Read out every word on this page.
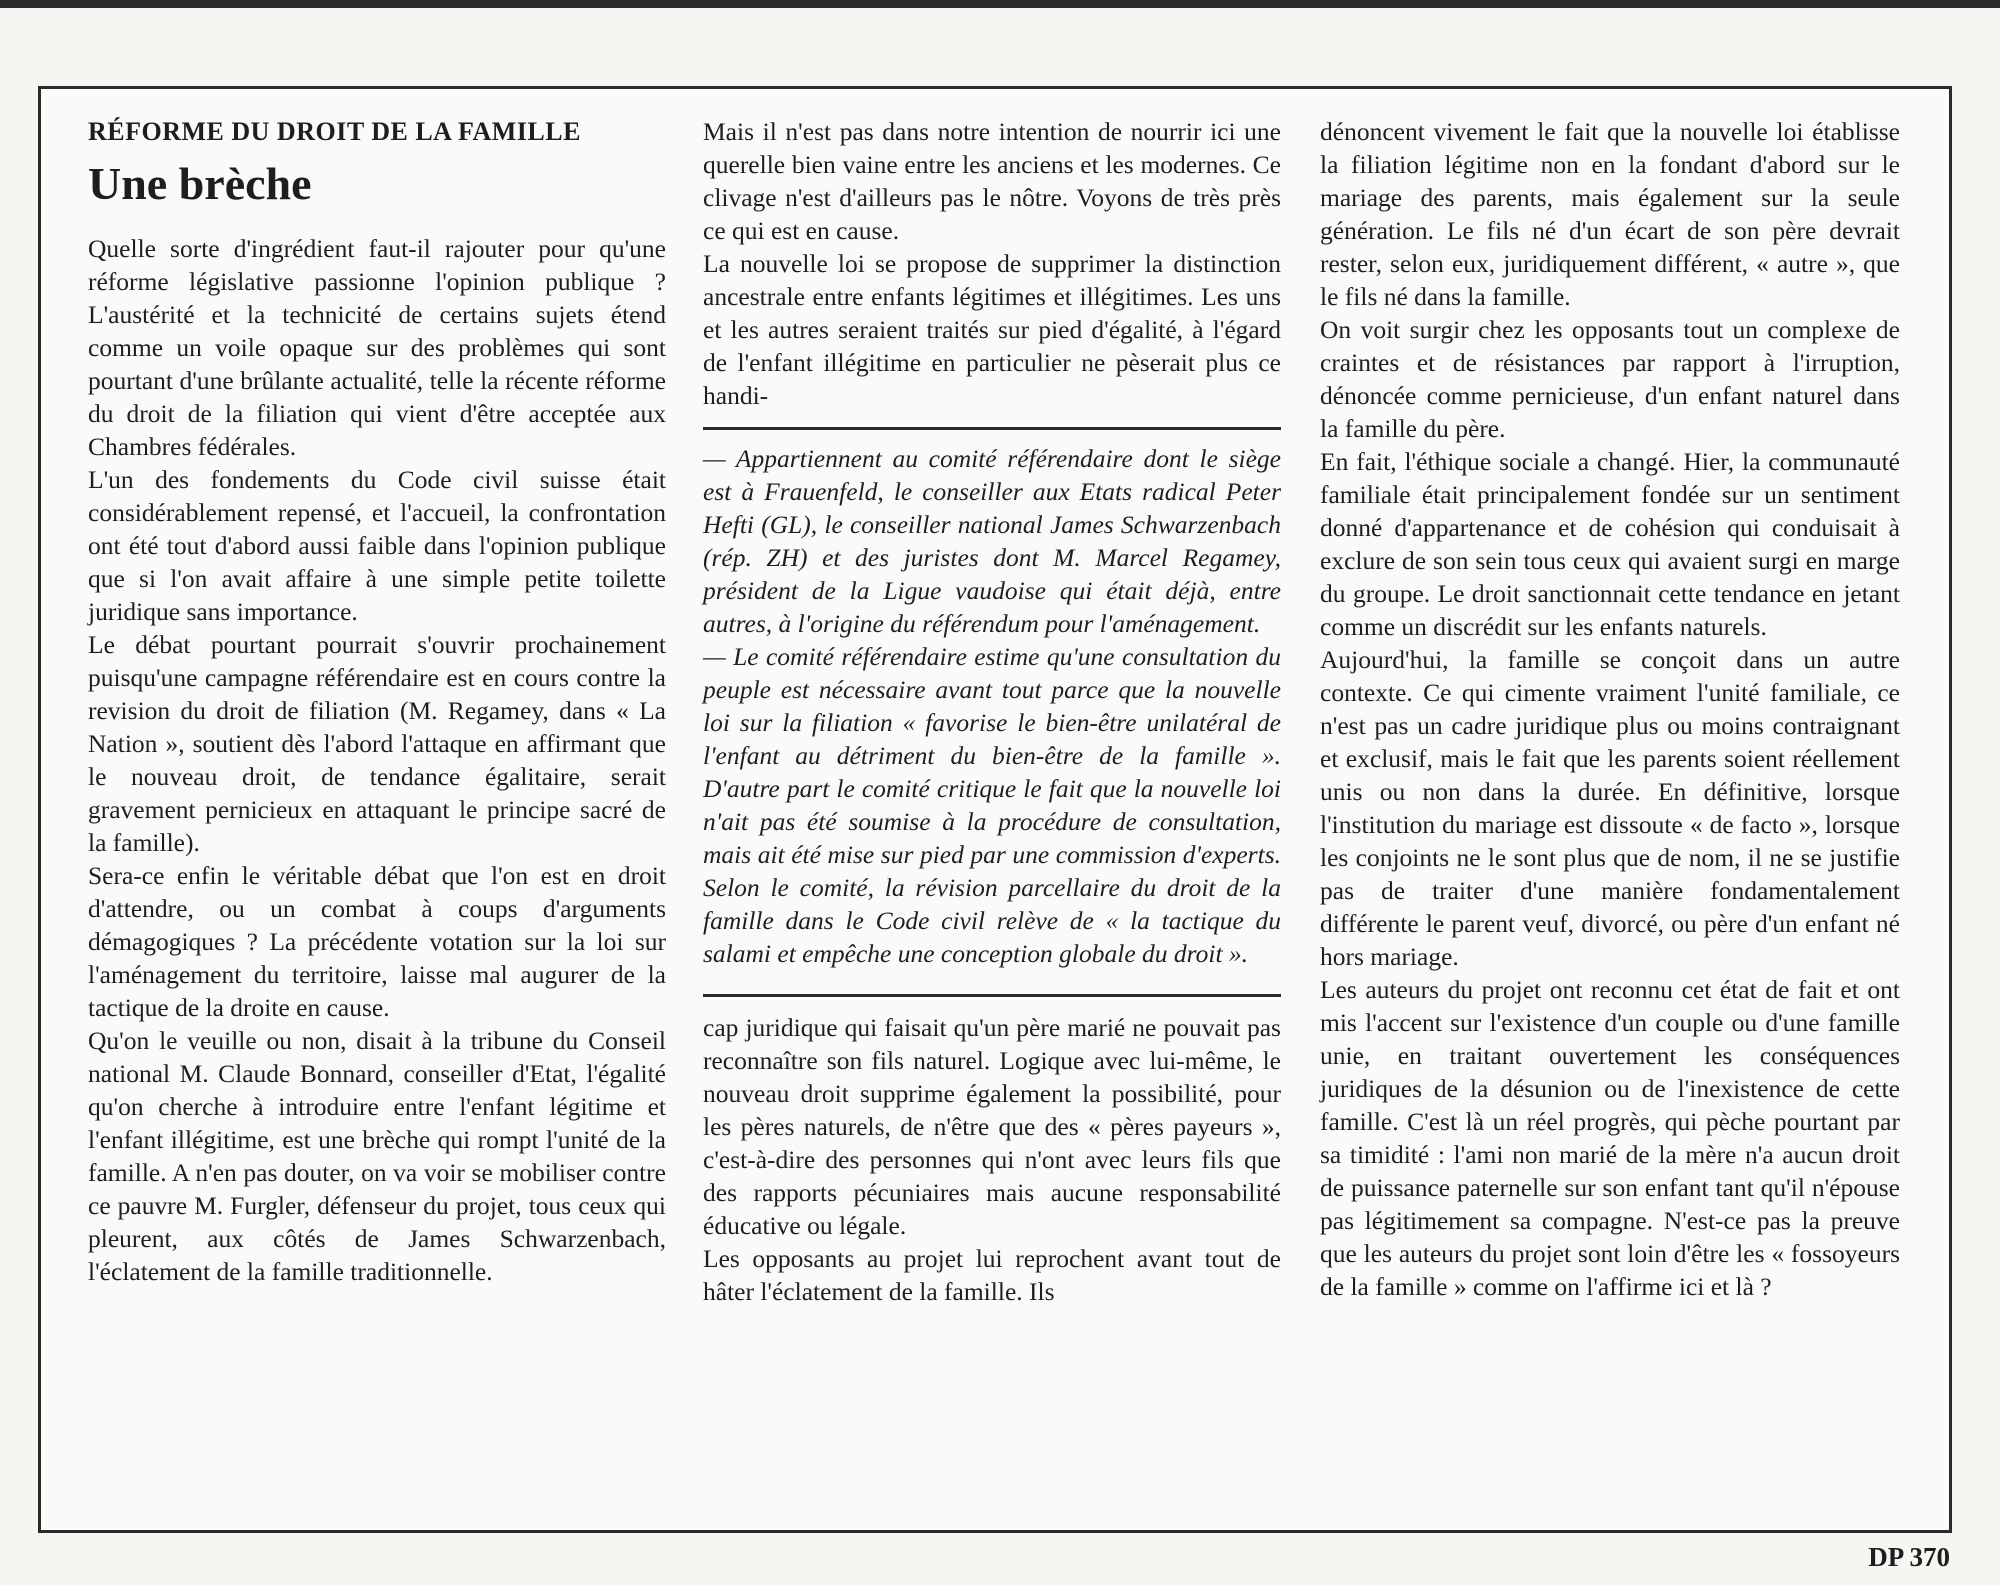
RÉFORME DU DROIT DE LA FAMILLE
Une brèche

Quelle sorte d'ingrédient faut-il rajouter pour qu'une réforme législative passionne l'opinion publique ? L'austérité et la technicité de certains sujets étend comme un voile opaque sur des problèmes qui sont pourtant d'une brûlante actualité, telle la récente réforme du droit de la filiation qui vient d'être acceptée aux Chambres fédérales.

L'un des fondements du Code civil suisse était considérablement repensé, et l'accueil, la confrontation ont été tout d'abord aussi faible dans l'opinion publique que si l'on avait affaire à une simple petite toilette juridique sans importance.

Le débat pourtant pourrait s'ouvrir prochainement puisqu'une campagne référendaire est en cours contre la revision du droit de filiation (M. Regamey, dans « La Nation », soutient dès l'abord l'attaque en affirmant que le nouveau droit, de tendance égalitaire, serait gravement pernicieux en attaquant le principe sacré de la famille).

Sera-ce enfin le véritable débat que l'on est en droit d'attendre, ou un combat à coups d'arguments démagogiques ? La précédente votation sur la loi sur l'aménagement du territoire, laisse mal augurer de la tactique de la droite en cause.

Qu'on le veuille ou non, disait à la tribune du Conseil national M. Claude Bonnard, conseiller d'Etat, l'égalité qu'on cherche à introduire entre l'enfant légitime et l'enfant illégitime, est une brèche qui rompt l'unité de la famille. A n'en pas douter, on va voir se mobiliser contre ce pauvre M. Furgler, défenseur du projet, tous ceux qui pleurent, aux côtés de James Schwarzenbach, l'éclatement de la famille traditionnelle.

Mais il n'est pas dans notre intention de nourrir ici une querelle bien vaine entre les anciens et les modernes. Ce clivage n'est d'ailleurs pas le nôtre. Voyons de très près ce qui est en cause.

La nouvelle loi se propose de supprimer la distinction ancestrale entre enfants légitimes et illégitimes. Les uns et les autres seraient traités sur pied d'égalité, à l'égard de l'enfant illégitime en particulier ne pèserait plus ce handi-

— Appartiennent au comité référendaire dont le siège est à Frauenfeld, le conseiller aux Etats radical Peter Hefti (GL), le conseiller national James Schwarzenbach (rép. ZH) et des juristes dont M. Marcel Regamey, président de la Ligue vaudoise qui était déjà, entre autres, à l'origine du référendum pour l'aménagement.

— Le comité référendaire estime qu'une consultation du peuple est nécessaire avant tout parce que la nouvelle loi sur la filiation « favorise le bien-être unilatéral de l'enfant au détriment du bien-être de la famille ». D'autre part le comité critique le fait que la nouvelle loi n'ait pas été soumise à la procédure de consultation, mais ait été mise sur pied par une commission d'experts. Selon le comité, la révision parcellaire du droit de la famille dans le Code civil relève de « la tactique du salami et empêche une conception globale du droit ».

cap juridique qui faisait qu'un père marié ne pouvait pas reconnaître son fils naturel. Logique avec lui-même, le nouveau droit supprime également la possibilité, pour les pères naturels, de n'être que des « pères payeurs », c'est-à-dire des personnes qui n'ont avec leurs fils que des rapports pécuniaires mais aucune responsabilité éducative ou légale.

Les opposants au projet lui reprochent avant tout de hâter l'éclatement de la famille. Ils

dénoncent vivement le fait que la nouvelle loi établisse la filiation légitime non en la fondant d'abord sur le mariage des parents, mais également sur la seule génération. Le fils né d'un écart de son père devrait rester, selon eux, juridiquement différent, « autre », que le fils né dans la famille.

On voit surgir chez les opposants tout un complexe de craintes et de résistances par rapport à l'irruption, dénoncée comme pernicieuse, d'un enfant naturel dans la famille du père.

En fait, l'éthique sociale a changé. Hier, la communauté familiale était principalement fondée sur un sentiment donné d'appartenance et de cohésion qui conduisait à exclure de son sein tous ceux qui avaient surgi en marge du groupe. Le droit sanctionnait cette tendance en jetant comme un discrédit sur les enfants naturels.

Aujourd'hui, la famille se conçoit dans un autre contexte. Ce qui cimente vraiment l'unité familiale, ce n'est pas un cadre juridique plus ou moins contraignant et exclusif, mais le fait que les parents soient réellement unis ou non dans la durée. En définitive, lorsque l'institution du mariage est dissoute « de facto », lorsque les conjoints ne le sont plus que de nom, il ne se justifie pas de traiter d'une manière fondamentalement différente le parent veuf, divorcé, ou père d'un enfant né hors mariage.

Les auteurs du projet ont reconnu cet état de fait et ont mis l'accent sur l'existence d'un couple ou d'une famille unie, en traitant ouvertement les conséquences juridiques de la désunion ou de l'inexistence de cette famille. C'est là un réel progrès, qui pèche pourtant par sa timidité : l'ami non marié de la mère n'a aucun droit de puissance paternelle sur son enfant tant qu'il n'épouse pas légitimement sa compagne. N'est-ce pas la preuve que les auteurs du projet sont loin d'être les « fossoyeurs de la famille » comme on l'affirme ici et là ?

DP 370
